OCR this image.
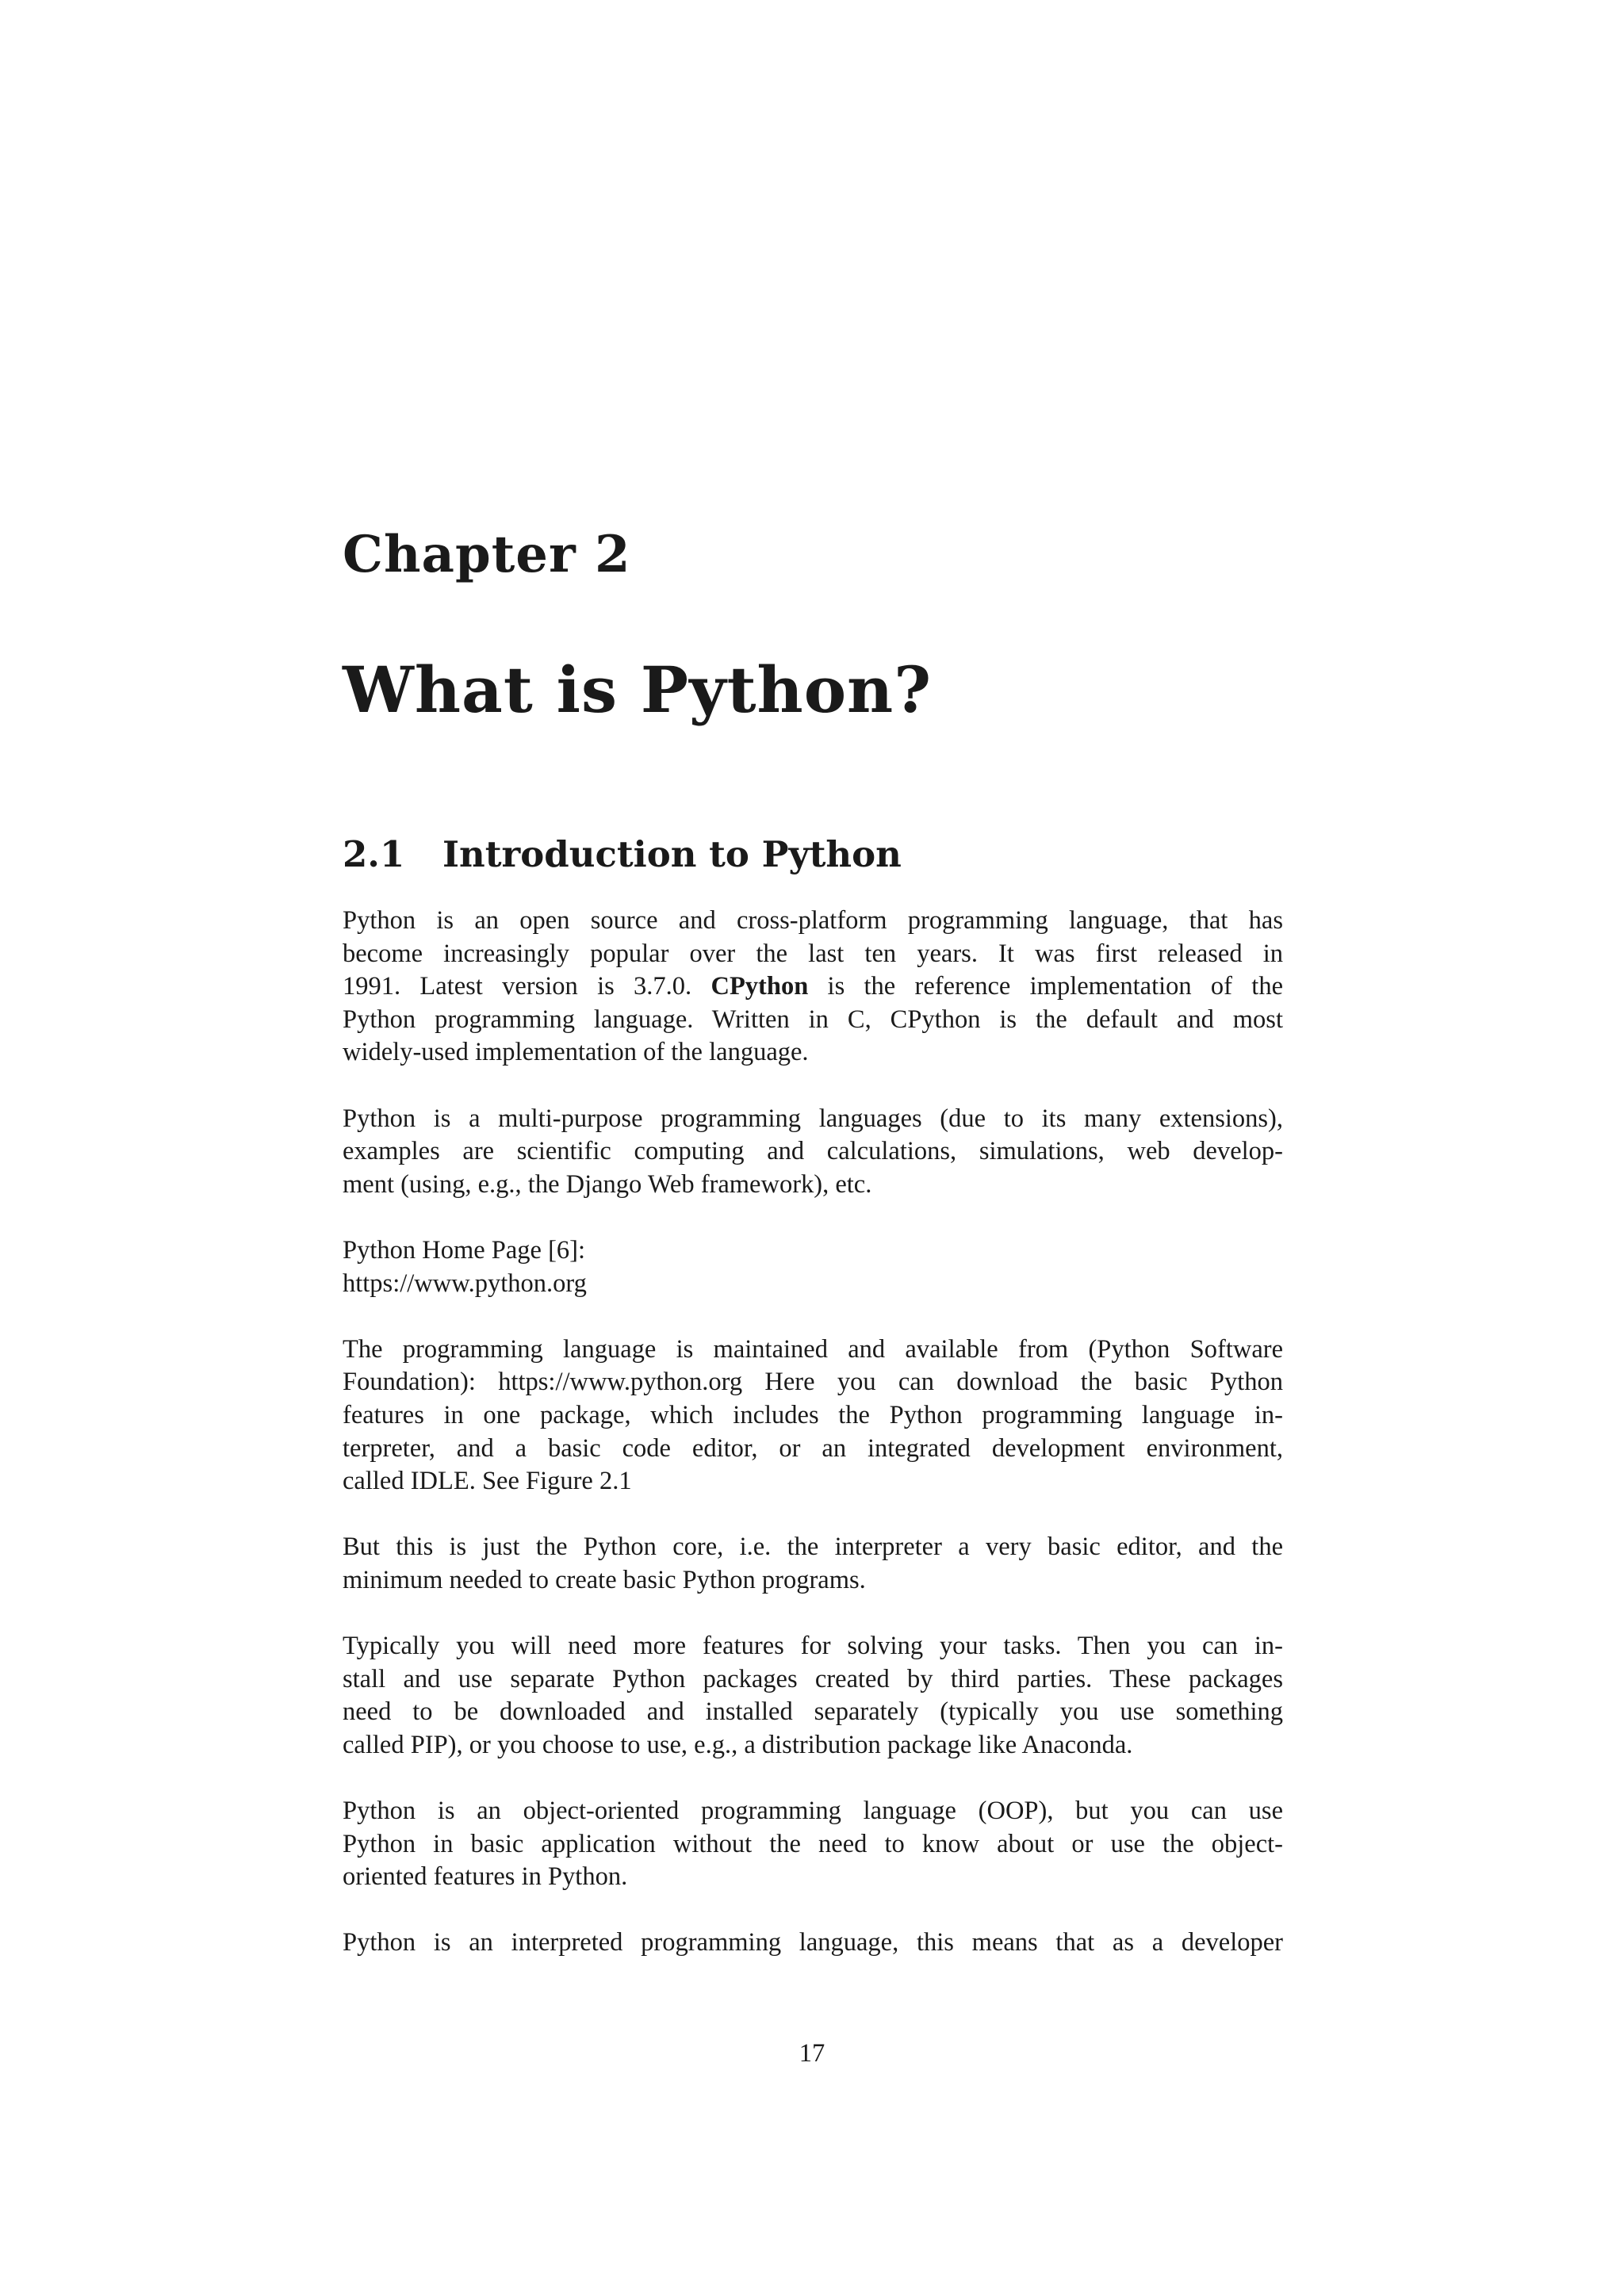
Chapter 2
What is Python?
2.1 Introduction to Python

Python is an open source and cross-platform programming language, that has
become increasingly popular over the last ten years. It was first released in
1991. Latest version is 3.7.0. CPython is the reference implementation of the
Python programming language. Written in C, CPython is the default and most
widely-used implementation of the language.

Python is a multi-purpose programming languages (due to its many extensions),
examples are scientific computing and calculations, simulations, web develop-
ment (using, e.g., the Django Web framework), etc.

Python Home Page [6]:
https://www.python.org

The programming language is maintained and available from (Python Software
Foundation): https://www.python.org Here you can download the basic Python
features in one package, which includes the Python programming language in-
terpreter, and a basic code editor, or an integrated development environment,
called IDLE. See Figure 2.1

But this is just the Python core, i.e. the interpreter a very basic editor, and the
minimum needed to create basic Python programs.

Typically you will need more features for solving your tasks. Then you can in-
stall and use separate Python packages created by third parties. These packages
need to be downloaded and installed separately (typically you use something
called PIP), or you choose to use, e.g., a distribution package like Anaconda.

Python is an object-oriented programming language (OOP), but you can use
Python in basic application without the need to know about or use the object-
oriented features in Python.

Python is an interpreted programming language, this means that as a developer

17
